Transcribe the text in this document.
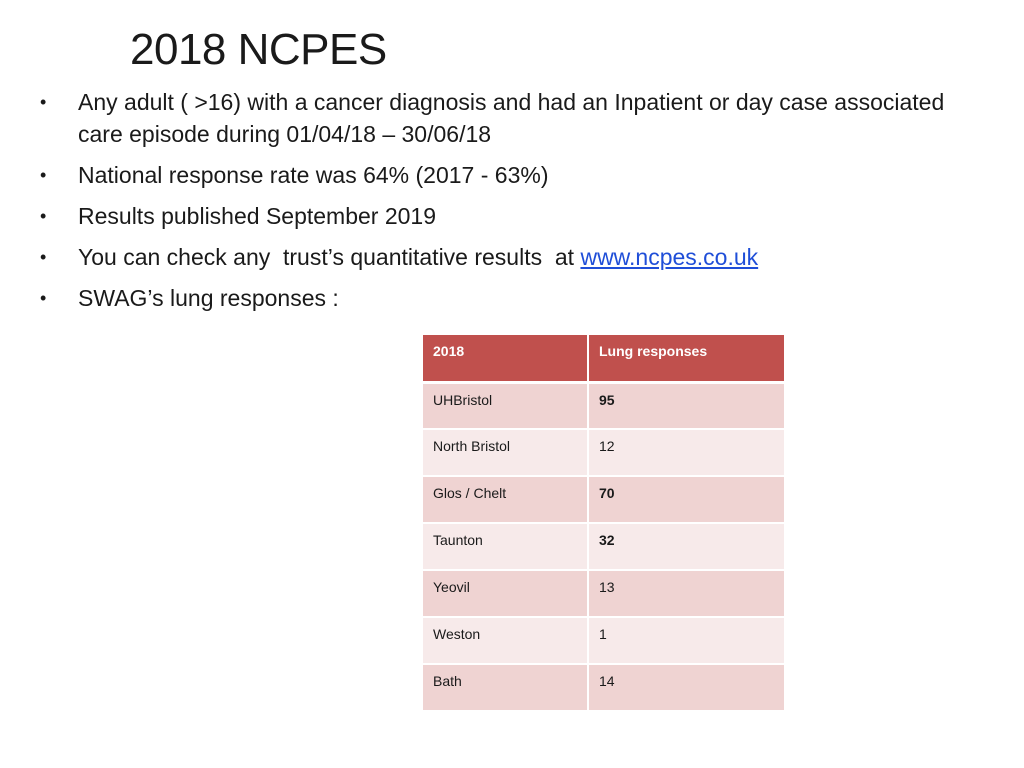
2018 NCPES
• Any adult ( >16) with a cancer diagnosis and had an Inpatient or day case associated care episode during 01/04/18 – 30/06/18
• National response rate was 64% (2017 - 63%)
• Results published September 2019
• You can check any  trust’s quantitative results  at www.ncpes.co.uk
• SWAG’s lung responses :
2018	Lung responses
UHBristol	95
North Bristol	12
Glos / Chelt	70
Taunton	32
Yeovil	13
Weston	1
Bath	14
